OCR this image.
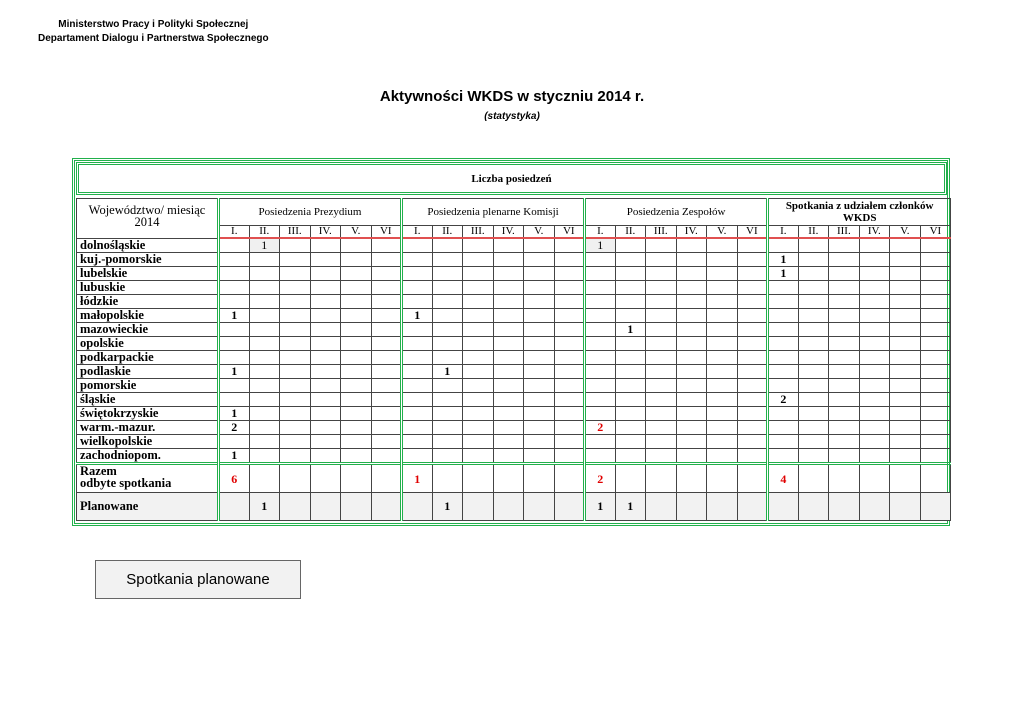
Ministerstwo Pracy i Polityki Społecznej
Departament Dialogu i Partnerstwa Społecznego
Aktywności WKDS w styczniu 2014 r.
(statystyka)
Liczba posiedzeń
Województwo/ miesiąc 2014	Posiedzenia Prezydium						Posiedzenia plenarne Komisji						Posiedzenia Zespołów						Spotkania z udziałem członków WKDS					
	I.	II.	III.	IV.	V.	VI	I.	II.	III.	IV.	V.	VI	I.	II.	III.	IV.	V.	VI	I.	II.	III.	IV.	V.	VI
dolnośląskie		1											1											
kuj.-pomorskie																			1					
lubelskie																			1					
lubuskie																								
łódzkie																								
małopolskie	1						1																	
mazowieckie														1										
opolskie																								
podkarpackie																								
podlaskie	1							1																
pomorskie																								
śląskie																			2					
świętokrzyskie	1																							
warm.-mazur.	2												2											
wielkopolskie																								
zachodniopom.	1																							
Razem
odbyte spotkania	6						1						2						4					
Planowane		1						1					1	1										
Spotkania planowane
